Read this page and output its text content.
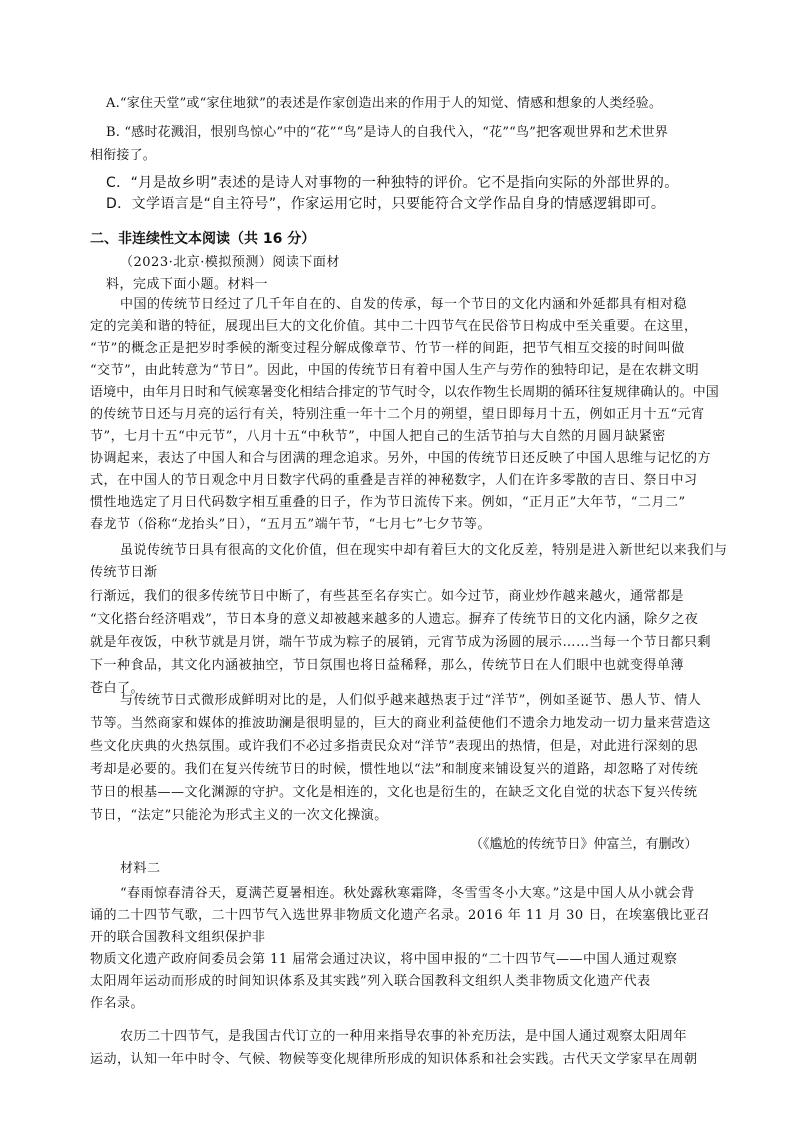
A.“家住天堂”或“家住地狱”的表述是作家创造出来的作用于人的知觉、情感和想象的人类经验。
B. “感时花溅泪，恨别鸟惊心”中的“花”“鸟”是诗人的自我代入，“花”“鸟”把客观世界和艺术世界
相衔接了。
C．“月是故乡明”表述的是诗人对事物的一种独特的评价。它不是指向实际的外部世界的。
D．文学语言是“自主符号”，作家运用它时，只要能符合文学作品自身的情感逻辑即可。
二、非连续性文本阅读（共 16 分）
（2023·北京·模拟预测）阅读下面材
料，完成下面小题。材料一
中国的传统节日经过了几千年自在的、自发的传承，每一个节日的文化内涵和外延都具有相对稳
定的完美和谐的特征，展现出巨大的文化价值。其中二十四节气在民俗节日构成中至关重要。在这里，
“节”的概念正是把岁时季候的渐变过程分解成像章节、竹节一样的间距，把节气相互交接的时间叫做
“交节”，由此转意为“节日”。因此，中国的传统节日有着中国人生产与劳作的独特印记，是在农耕文明
语境中，由年月日时和气候寒暑变化相结合排定的节气时令，以农作物生长周期的循环往复规律确认的。中国
的传统节日还与月亮的运行有关，特别注重一年十二个月的朔望，望日即每月十五，例如正月十五“元宵
节”，七月十五“中元节”，八月十五“中秋节”，中国人把自己的生活节拍与大自然的月圆月缺紧密
协调起来，表达了中国人和合与团满的理念追求。另外，中国的传统节日还反映了中国人思维与记忆的方
式，在中国人的节日观念中月日数字代码的重叠是吉祥的神秘数字，人们在许多零散的吉日、祭日中习
惯性地选定了月日代码数字相互重叠的日子，作为节日流传下来。例如，“正月正”大年节，“二月二”
春龙节（俗称“龙抬头”日），“五月五”端午节，“七月七”七夕节等。
虽说传统节日具有很高的文化价值，但在现实中却有着巨大的文化反差，特别是进入新世纪以来我们与
传统节日渐
行渐远，我们的很多传统节日中断了，有些甚至名存实亡。如今过节，商业炒作越来越火，通常都是
“文化搭台经济唱戏”，节日本身的意义却被越来越多的人遗忘。摒弃了传统节日的文化内涵，除夕之夜
就是年夜饭，中秋节就是月饼，端午节成为粽子的展销，元宵节成为汤圆的展示……当每一个节日都只剩
下一种食品，其文化内涵被抽空，节日氛围也将日益稀释，那么，传统节日在人们眼中也就变得单薄
苍白了。
与传统节日式微形成鲜明对比的是，人们似乎越来越热衷于过“洋节”，例如圣诞节、愚人节、情人
节等。当然商家和媒体的推波助澜是很明显的，巨大的商业利益使他们不遗余力地发动一切力量来营造这
些文化庆典的火热氛围。或许我们不必过多指责民众对“洋节”表现出的热情，但是，对此进行深刻的思
考却是必要的。我们在复兴传统节日的时候，惯性地以“法”和制度来铺设复兴的道路，却忽略了对传统
节日的根基——文化渊源的守护。文化是相连的，文化也是衍生的，在缺乏文化自觉的状态下复兴传统
节日，“法定”只能沦为形式主义的一次文化操演。
（《尴尬的传统节日》仲富兰，有删改）
材料二
“春雨惊春清谷天，夏满芒夏暑相连。秋处露秋寒霜降，冬雪雪冬小大寒。”这是中国人从小就会背
诵的二十四节气歌，二十四节气入选世界非物质文化遗产名录。2016 年 11 月 30 日，在埃塞俄比亚召
开的联合国教科文组织保护非
物质文化遗产政府间委员会第 11 届常会通过决议，将中国申报的“二十四节气——中国人通过观察
太阳周年运动而形成的时间知识体系及其实践”列入联合国教科文组织人类非物质文化遗产代表
作名录。
农历二十四节气，是我国古代订立的一种用来指导农事的补充历法，是中国人通过观察太阳周年
运动，认知一年中时令、气候、物候等变化规律所形成的知识体系和社会实践。古代天文学家早在周朝
